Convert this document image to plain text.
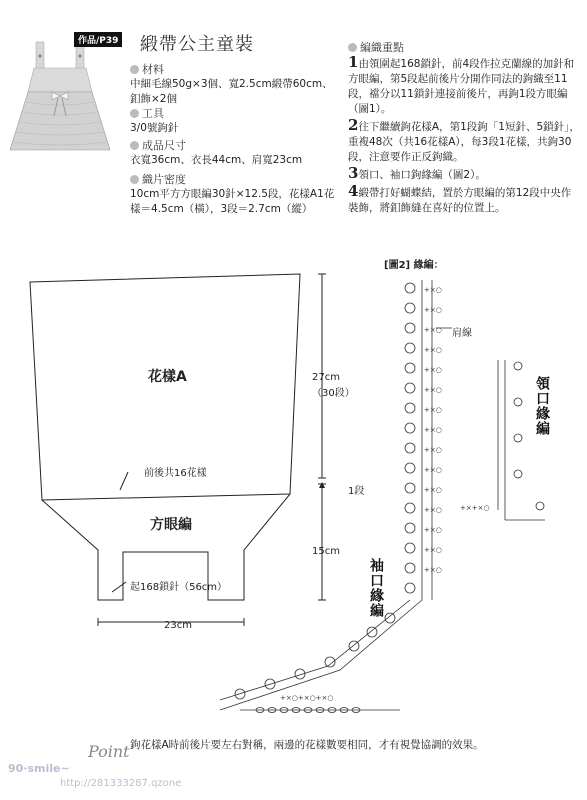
作品/P39 緞帶公主童裝
材料
中細毛線50g×3個、寬2.5cm緞帶60cm、釦飾×2個
工具
3/0號鉤針
成品尺寸
衣寬36cm、衣長44cm、肩寬23cm
織片密度
10cm平方方眼編30針×12.5段，花樣A1花樣＝4.5cm（橫），3段＝2.7cm（縱）
編織重點
1由領圍起168鎖針，前4段作拉克蘭線的加針和方眼編，第5段起前後片分開作同法的鉤織至11段，襠分以11鎖針連接前後片，再鉤1段方眼編（圖1）。
2往下繼續鉤花樣A，第1段鉤「1短針、5鎖針」，重複48次（共16花樣A），每3段1花樣，共鉤30段，注意要作正反鉤織。
3領口、袖口鉤緣編（圖2）。
4緞帶打好蝴蝶結，置於方眼編的第12段中央作裝飾，將釦飾縫在喜好的位置上。
花樣A
前後共16花樣
方眼編
起168鎖針（56cm）
27cm
（30段）
1段
15cm
23cm
[圖2] 緣編：
+×○
+×○
+×○
+×○
+×○
+×○
+×○
+×○
+×○
+×○
+×○
+×○
+×○
+×○
+×○
+×+×○
+×○+×○+×○
肩線
領口緣編
袖口緣編
Point 鉤花樣A時前後片要左右對稱，兩邊的花樣數要相同，才有視覺協調的效果。
90·smile~
http://281333287.qzone
